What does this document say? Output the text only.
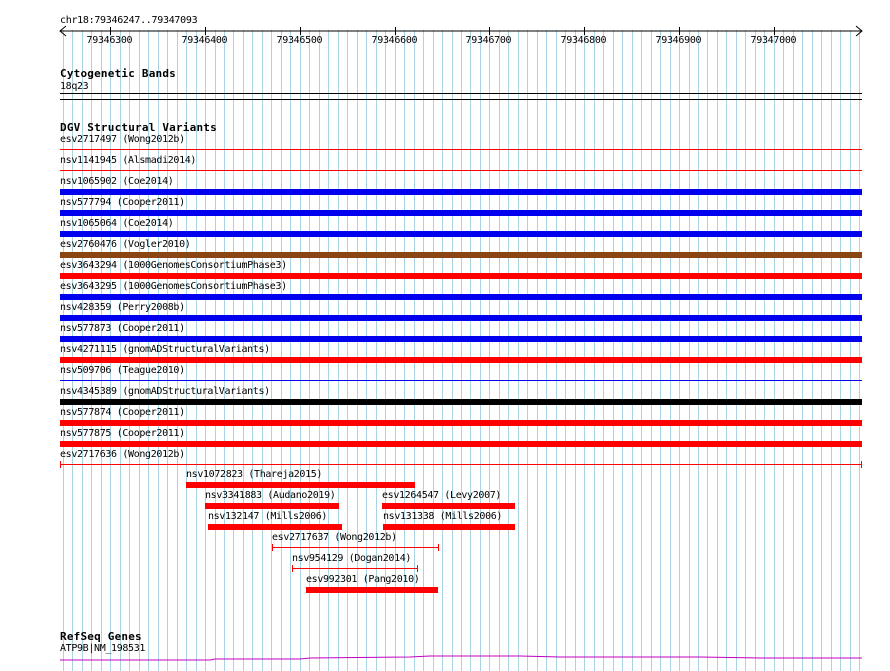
chr18:79346247..79347093
79346300	79346400	79346500	79346600	79346700	79346800	79346900	79347000
Cytogenetic Bands
18q23
DGV Structural Variants
esv2717497 (Wong2012b)
nsv1141945 (Alsmadi2014)
nsv1065902 (Coe2014)
nsv577794 (Cooper2011)
nsv1065064 (Coe2014)
esv2760476 (Vogler2010)
esv3643294 (1000GenomesConsortiumPhase3)
esv3643295 (1000GenomesConsortiumPhase3)
nsv428359 (Perry2008b)
nsv577873 (Cooper2011)
nsv4271115 (gnomADStructuralVariants)
nsv509706 (Teague2010)
nsv4345389 (gnomADStructuralVariants)
nsv577874 (Cooper2011)
nsv577875 (Cooper2011)
esv2717636 (Wong2012b)
nsv1072823 (Thareja2015)
nsv3341883 (Audano2019)	esv1264547 (Levy2007)
nsv132147 (Mills2006)	nsv131338 (Mills2006)
esv2717637 (Wong2012b)
nsv954129 (Dogan2014)
esv992301 (Pang2010)
RefSeq Genes
ATP9B|NM_198531
